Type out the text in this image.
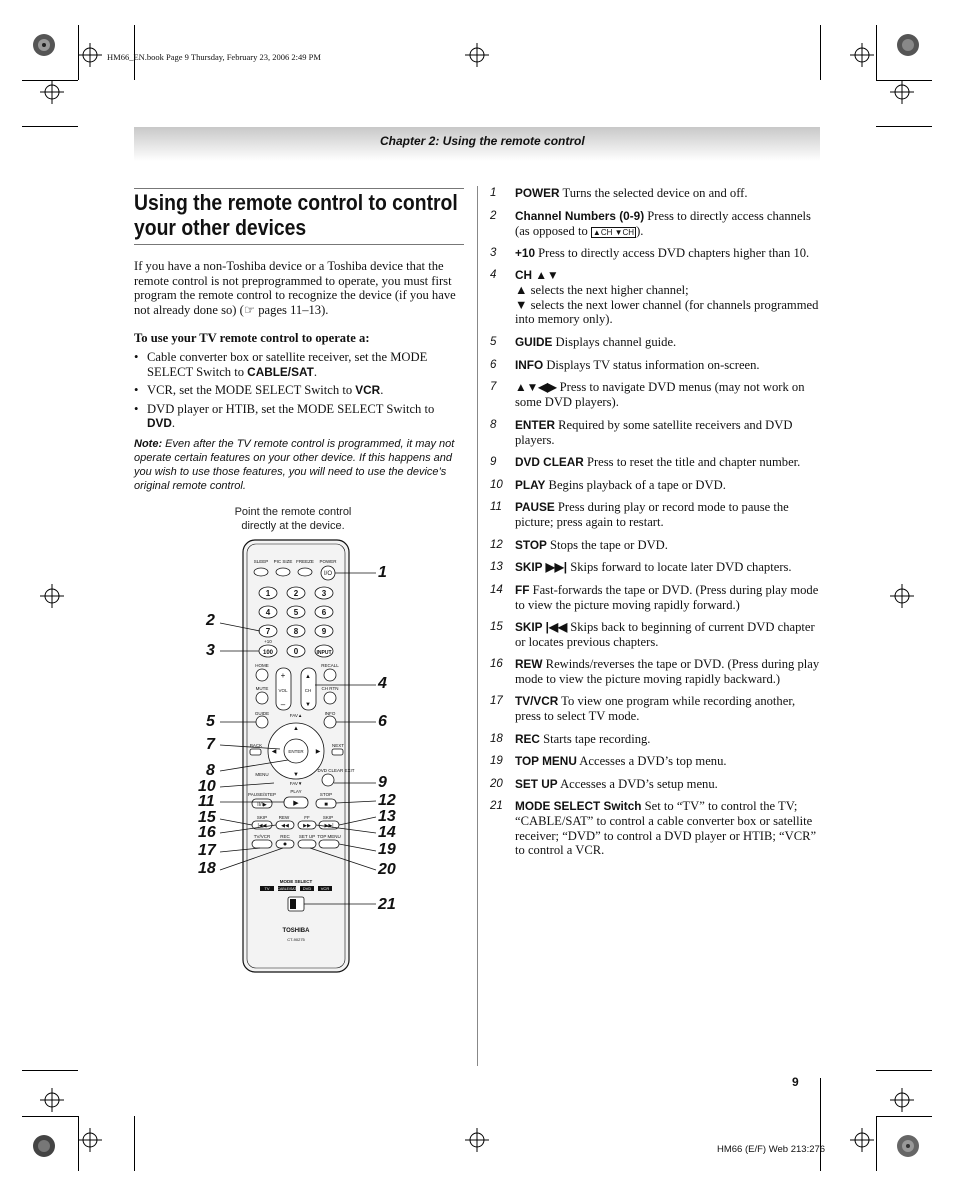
HM66_EN.book Page 9 Thursday, February 23, 2006 2:49 PM
Chapter 2: Using the remote control
Using the remote control to control
your other devices
If you have a non-Toshiba device or a Toshiba device that the remote control is not preprogrammed to operate, you must first program the remote control to recognize the device (if you have not already done so) (☞ pages 11–13).
To use your TV remote control to operate a:
• Cable converter box or satellite receiver, set the MODE SELECT Switch to CABLE/SAT.
• VCR, set the MODE SELECT Switch to VCR.
• DVD player or HTIB, set the MODE SELECT Switch to DVD.
Note: Even after the TV remote control is programmed, it may not operate certain features on your other device. If this happens and you wish to use those features, you will need to use the device’s original remote control.
Point the remote control
directly at the device.
SLEEP PIC SIZE FREEZE POWER
I/O
1	2	3
4	5	6
7	8	9
+10
100	0	INPUT
HOME	RECALL
+
VOL
–
▲
CH
▼
MUTE	CH RTN
GUIDE	FAV▲	INFO
ENTER
▲
▼
◀	▶
BACK	NEXT
MENU
FAV▼
DVD CLEAR EXIT
PAUSE/STEP
II/I▶
PLAY
▶
STOP
■
SKIP
|◀◀
REW
◀◀
FF
▶▶
SKIP
▶▶|
TV/VCR REC SET UP TOP MENU
MODE SELECT
TV CABLE/SAT DVD VCR
TOSHIBA
CT-90275
1
2
3
4
5	6
7
8
9
10
11	12
13
14
15
16
17
18
19
20
21
1 POWER Turns the selected device on and off.
2 Channel Numbers (0-9) Press to directly access channels (as opposed to ▲CH ▼CH ).
3 +10 Press to directly access DVD chapters higher than 10.
4 CH ▲▼
▲ selects the next higher channel;
▼ selects the next lower channel (for channels programmed into memory only).
5 GUIDE Displays channel guide.
6 INFO Displays TV status information on-screen.
7 ▲▼◀▶ Press to navigate DVD menus (may not work on some DVD players).
8 ENTER Required by some satellite receivers and DVD players.
9 DVD CLEAR Press to reset the title and chapter number.
10 PLAY Begins playback of a tape or DVD.
11 PAUSE Press during play or record mode to pause the picture; press again to restart.
12 STOP Stops the tape or DVD.
13 SKIP ▶▶| Skips forward to locate later DVD chapters.
14 FF Fast-forwards the tape or DVD. (Press during play mode to view the picture moving rapidly forward.)
15 SKIP |◀◀ Skips back to beginning of current DVD chapter or locates previous chapters.
16 REW Rewinds/reverses the tape or DVD. (Press during play mode to view the picture moving rapidly backward.)
17 TV/VCR To view one program while recording another, press to select TV mode.
18 REC Starts tape recording.
19 TOP MENU Accesses a DVD’s top menu.
20 SET UP Accesses a DVD’s setup menu.
21 MODE SELECT Switch Set to “TV” to control the TV; “CABLE/SAT” to control a cable converter box or satellite receiver; “DVD” to control a DVD player or HTIB; “VCR” to control a VCR.
9
HM66 (E/F) Web 213:276
